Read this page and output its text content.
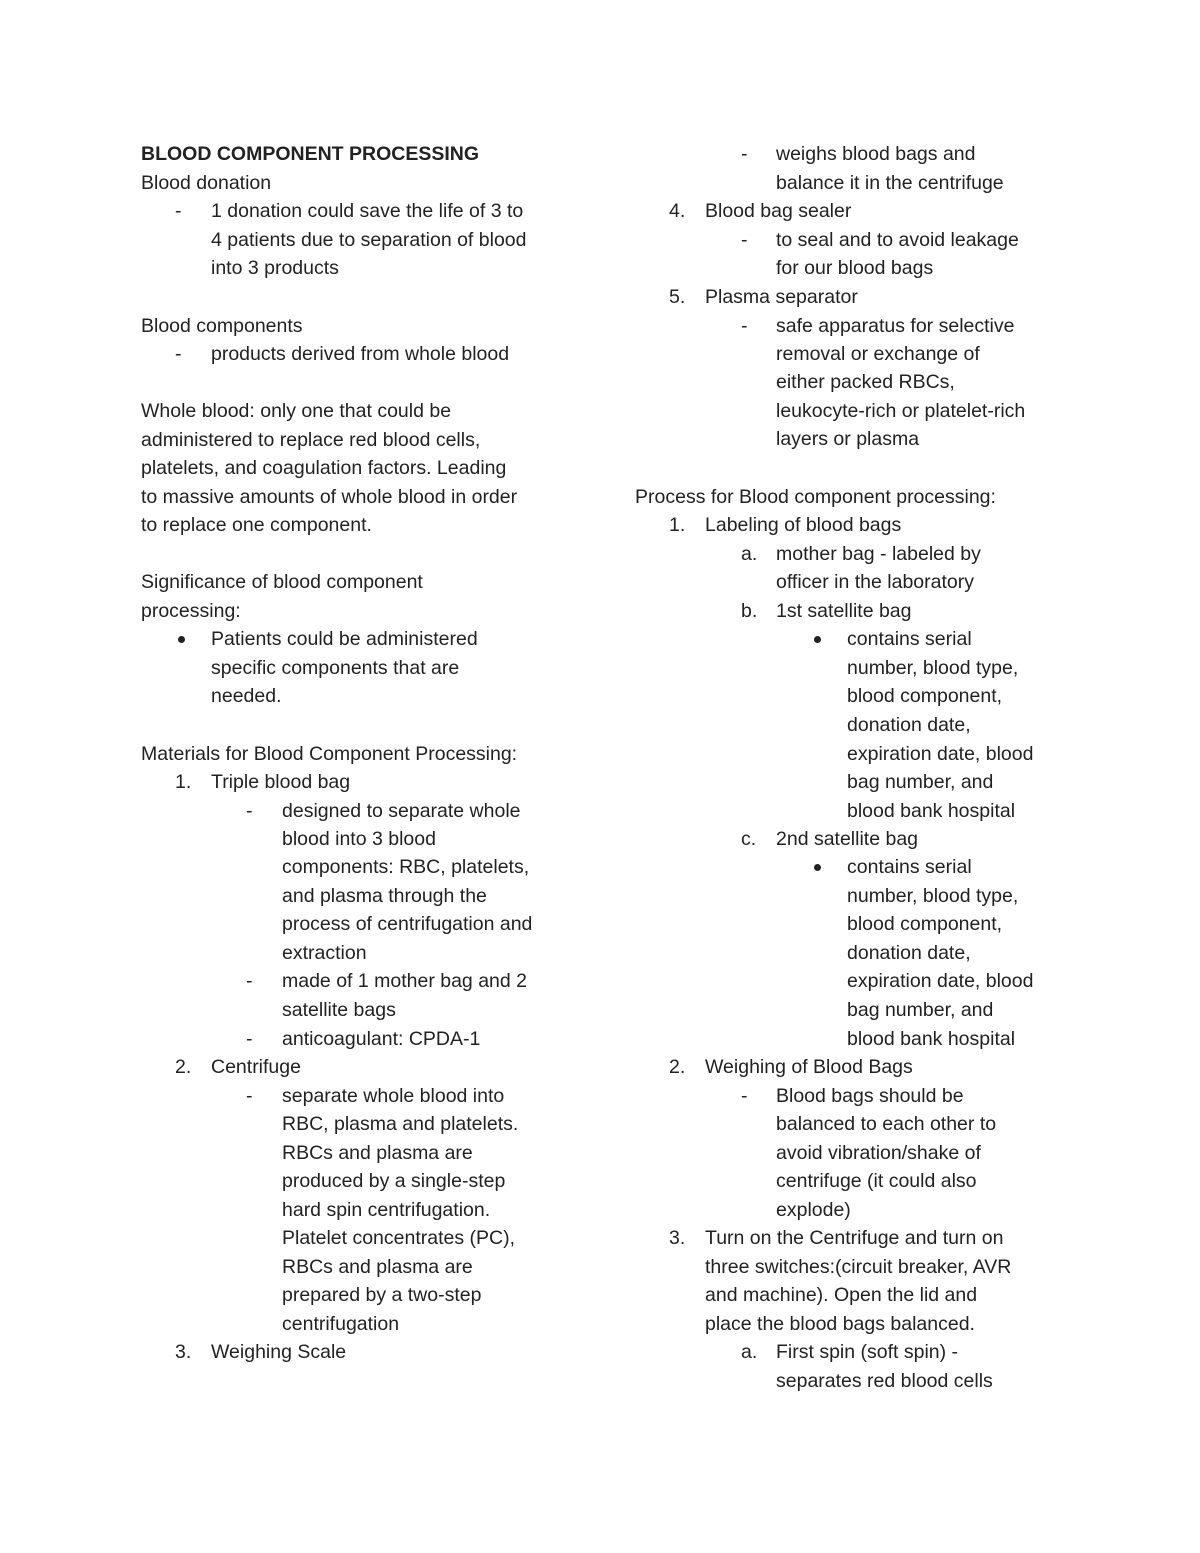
BLOOD COMPONENT PROCESSING
Blood donation
- 1 donation could save the life of 3 to
4 patients due to separation of blood
into 3 products
Blood components
- products derived from whole blood
Whole blood: only one that could be
administered to replace red blood cells,
platelets, and coagulation factors. Leading
to massive amounts of whole blood in order
to replace one component.
Significance of blood component
processing:
Patients could be administered
specific components that are
needed.
Materials for Blood Component Processing:
1. Triple blood bag
- designed to separate whole
blood into 3 blood
components: RBC, platelets,
and plasma through the
process of centrifugation and
extraction
- made of 1 mother bag and 2
satellite bags
- anticoagulant: CPDA-1
2. Centrifuge
- separate whole blood into
RBC, plasma and platelets.
RBCs and plasma are
produced by a single-step
hard spin centrifugation.
Platelet concentrates (PC),
RBCs and plasma are
prepared by a two-step
centrifugation
3. Weighing Scale
- weighs blood bags and
balance it in the centrifuge
4. Blood bag sealer
- to seal and to avoid leakage
for our blood bags
5. Plasma separator
- safe apparatus for selective
removal or exchange of
either packed RBCs,
leukocyte-rich or platelet-rich
layers or plasma
Process for Blood component processing:
1. Labeling of blood bags
a. mother bag - labeled by
officer in the laboratory
b. 1st satellite bag
contains serial
number, blood type,
blood component,
donation date,
expiration date, blood
bag number, and
blood bank hospital
c. 2nd satellite bag
contains serial
number, blood type,
blood component,
donation date,
expiration date, blood
bag number, and
blood bank hospital
2. Weighing of Blood Bags
- Blood bags should be
balanced to each other to
avoid vibration/shake of
centrifuge (it could also
explode)
3. Turn on the Centrifuge and turn on
three switches:(circuit breaker, AVR
and machine). Open the lid and
place the blood bags balanced.
a. First spin (soft spin) -
separates red blood cells
